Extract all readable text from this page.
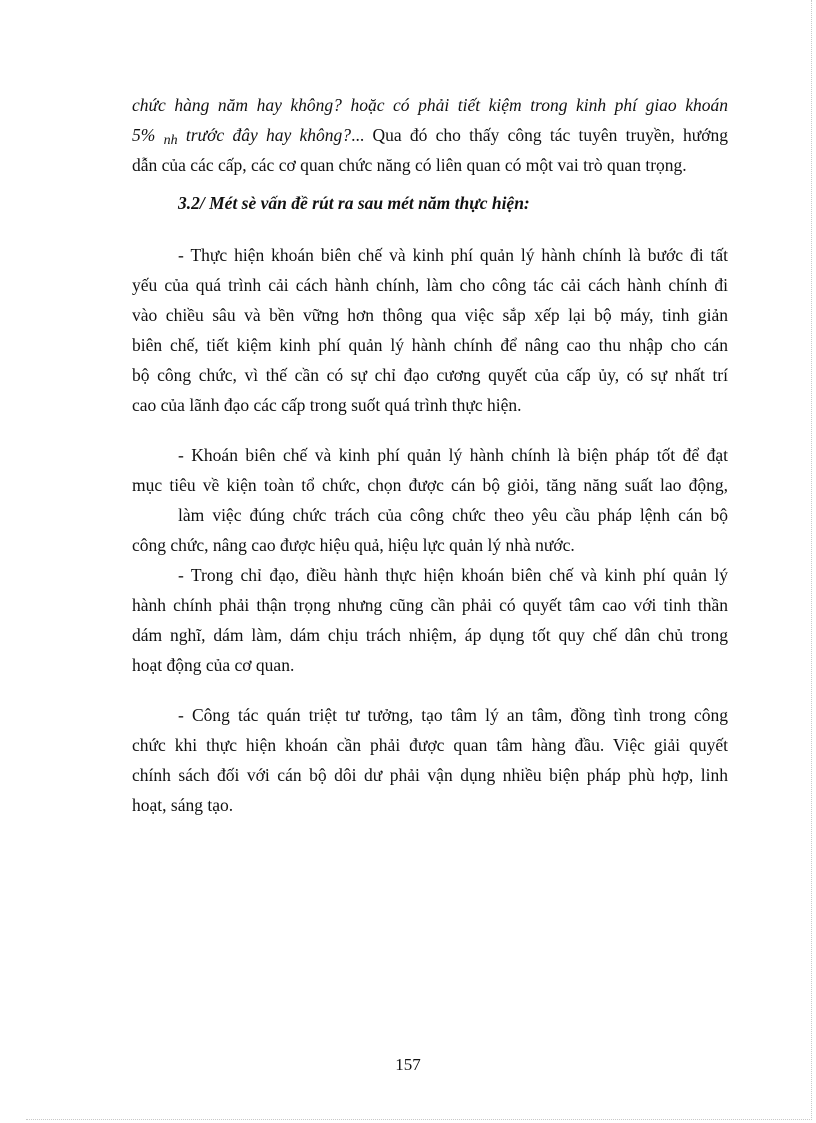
chức hàng năm hay không? hoặc có phải tiết kiệm trong kinh phí giao khoán
5% nh trước đây hay không?... Qua đó cho thấy công tác tuyên truyền, hướng
dẫn của các cấp, các cơ quan chức năng có liên quan có một vai trò quan trọng.
3.2/ Mét sè vấn đề rút ra sau mét năm thực hiện:
- Thực hiện khoán biên chế và kinh phí quản lý hành chính là bước đi tất
yếu của quá trình cải cách hành chính, làm cho công tác cải cách hành chính đi
vào chiều sâu và bền vững hơn thông qua việc sắp xếp lại bộ máy, tinh giản
biên chế, tiết kiệm kinh phí quản lý hành chính để nâng cao thu nhập cho cán
bộ công chức, vì thế cần có sự chỉ đạo cương quyết của cấp ủy, có sự nhất trí
cao của lãnh đạo các cấp trong suốt quá trình thực hiện.
- Khoán biên chế và kinh phí quản lý hành chính là biện pháp tốt để đạt
mục tiêu về kiện toàn tổ chức, chọn được cán bộ giỏi, tăng năng suất lao động,
làm việc đúng chức trách của công chức theo yêu cầu pháp lệnh cán bộ
công chức, nâng cao được hiệu quả, hiệu lực quản lý nhà nước.
- Trong chỉ đạo, điều hành thực hiện khoán biên chế và kinh phí quản lý
hành chính phải thận trọng nhưng cũng cần phải có quyết tâm cao với tinh thần
dám nghĩ, dám làm, dám chịu trách nhiệm, áp dụng tốt quy chế dân chủ trong
hoạt động của cơ quan.
- Công tác quán triệt tư tưởng, tạo tâm lý an tâm, đồng tình trong công
chức khi thực hiện khoán cần phải được quan tâm hàng đầu. Việc giải quyết
chính sách đối với cán bộ dôi dư phải vận dụng nhiều biện pháp phù hợp, linh
hoạt, sáng tạo.
157
